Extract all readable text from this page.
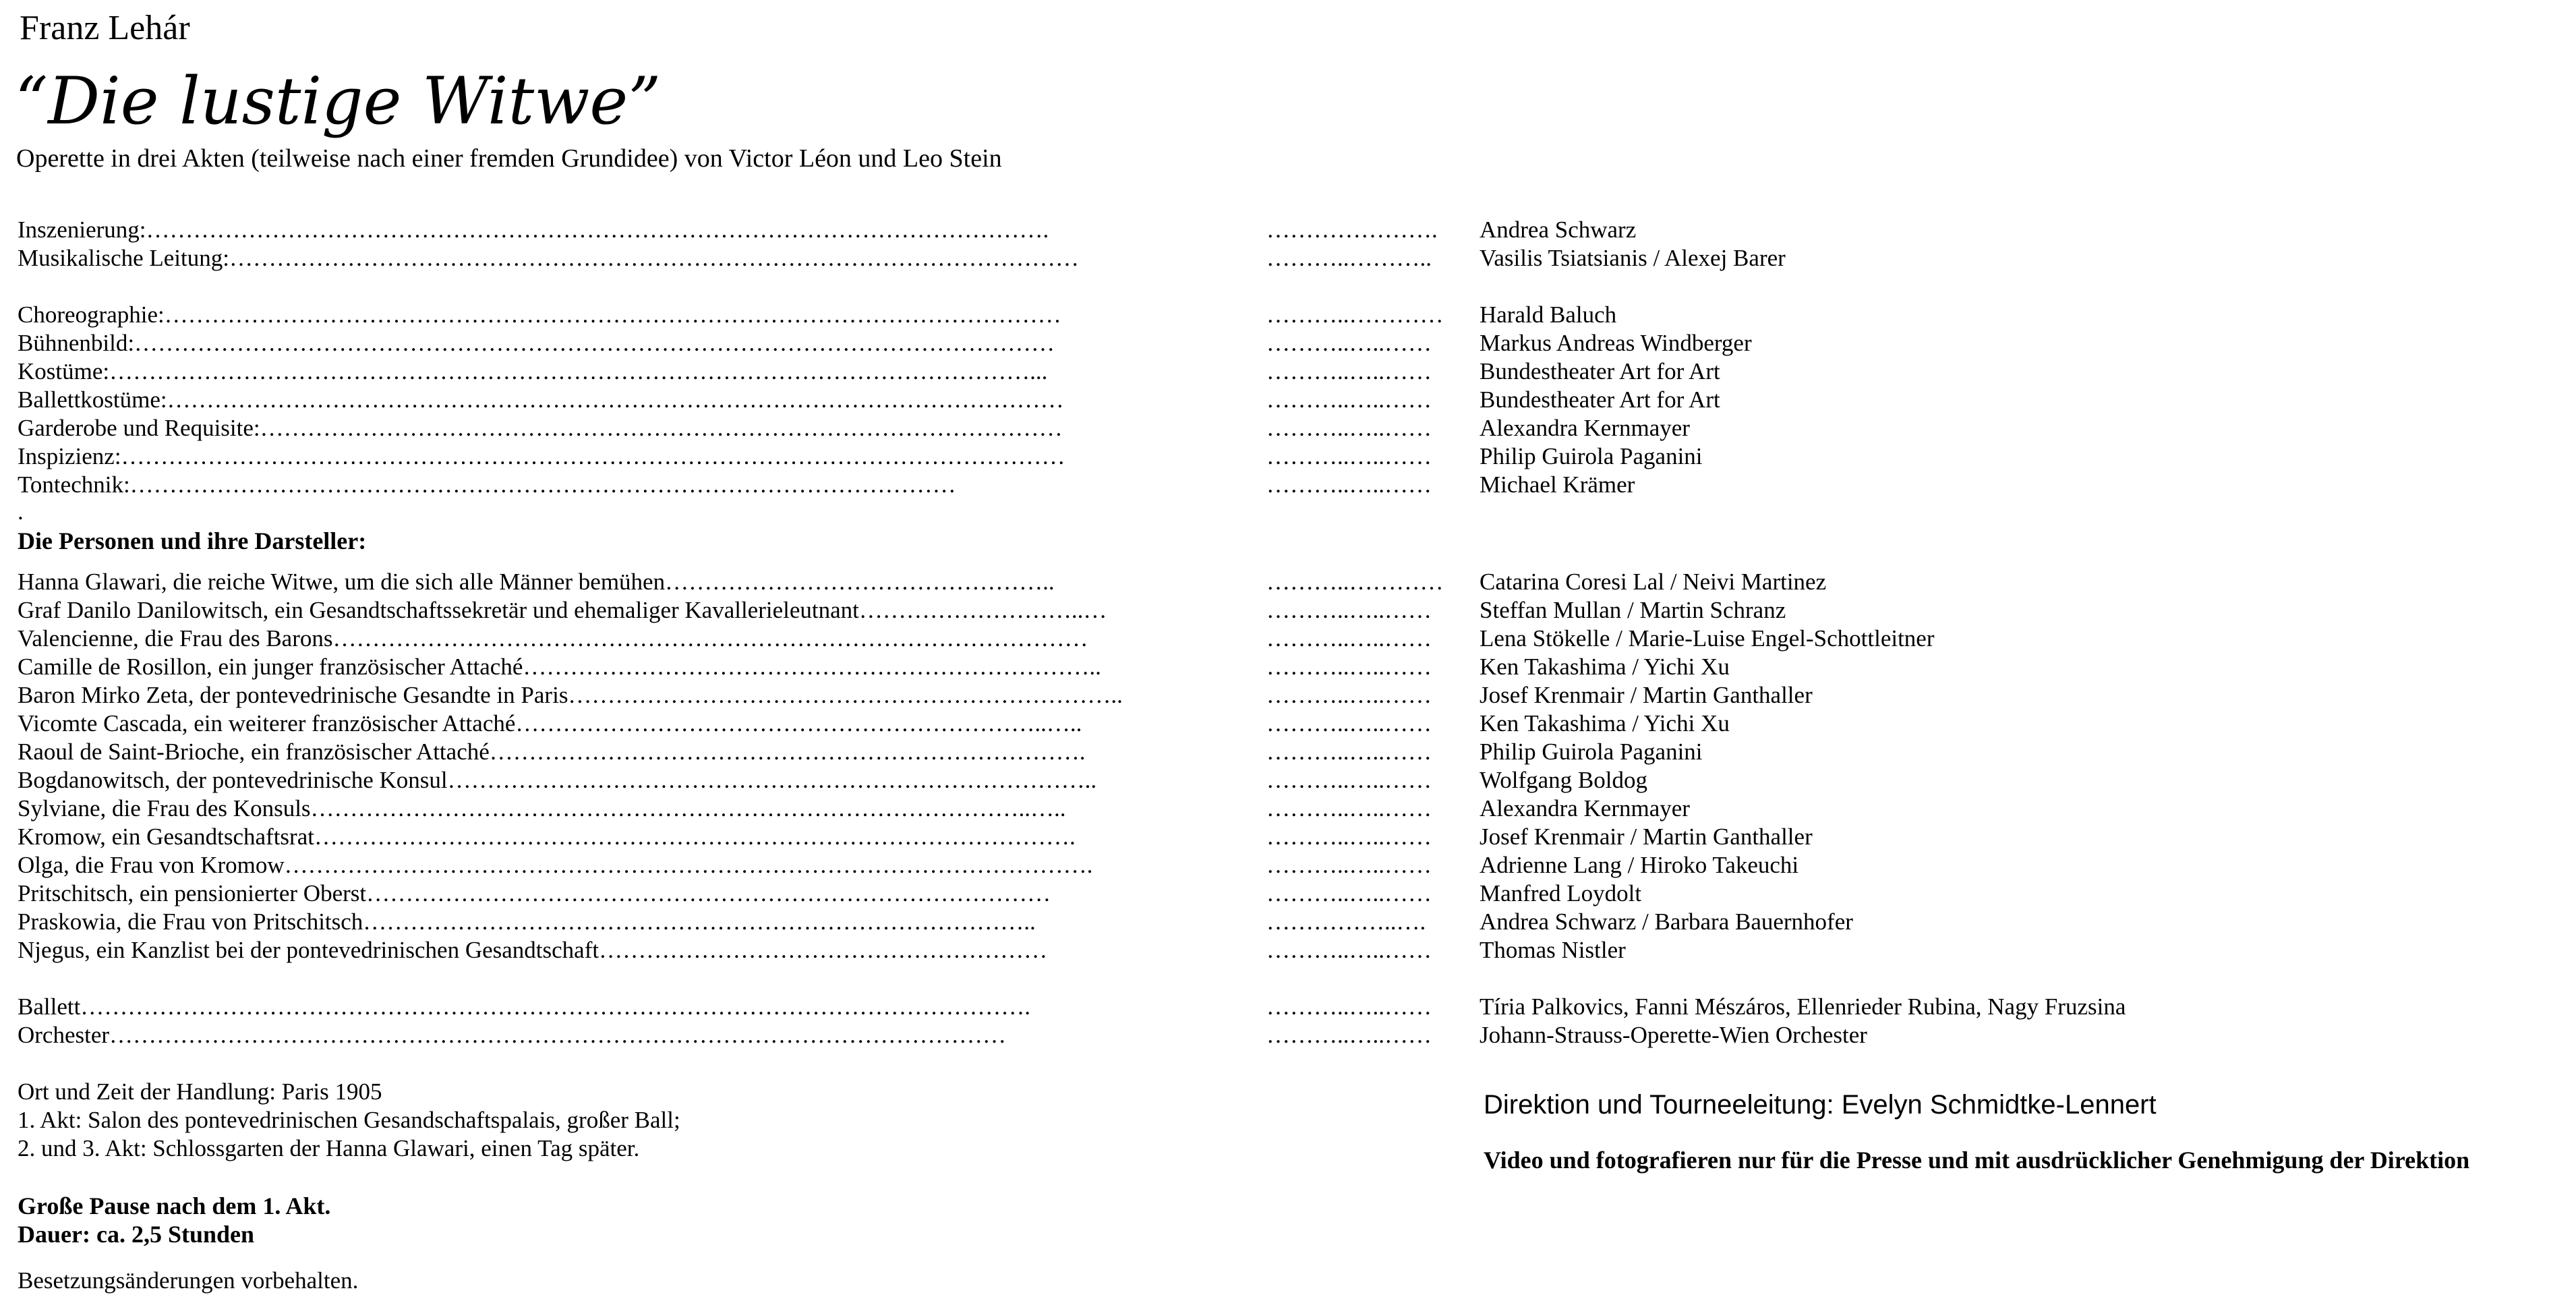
Franz Lehár
“Die lustige Witwe”
Operette in drei Akten (teilweise nach einer fremden Grundidee) von Victor Léon und Leo Stein
Inszenierung:…………………………………………………………………………………………………….	…………………. Andrea Schwarz
Musikalische Leitung:………………………………………………………………………………………………	………..……….. Vasilis Tsiatsianis / Alexej Barer
Choreographie:……………………………………………………………………………………………………	………..………… Harald Baluch
Bühnenbild:………………………………………………………………………………………………………	………..…..…… Markus Andreas Windberger
Kostüme:………………………………………………………………………………………………………...	………..…..…… Bundestheater Art for Art
Ballettkostüme:……………………………………………………………………………………………………	………..…..…… Bundestheater Art for Art
Garderobe und Requisite:…………………………………………………………………………………………	………..…..…… Alexandra Kernmayer
Inspizienz:…………………………………………………………………………………………………………	………..…..…… Philip Guirola Paganini
Tontechnik:……………………………………………………………………………………………	………..…..…… Michael Krämer
.
Die Personen und ihre Darsteller:
Hanna Glawari, die reiche Witwe, um die sich alle Männer bemühen…………………………………………..	………..………… Catarina Coresi Lal / Neivi Martinez
Graf Danilo Danilowitsch, ein Gesandtschaftssekretär und ehemaliger Kavallerieleutnant………………………..…	………..…..…… Steffan Mullan / Martin Schranz
Valencienne, die Frau des Barons……………………………………………………………………………………	………..…..…… Lena Stökelle / Marie-Luise Engel-Schottleitner
Camille de Rosillon, ein junger französischer Attaché………………………………………………………………..	………..…..…… Ken Takashima / Yichi Xu
Baron Mirko Zeta, der pontevedrinische Gesandte in Paris……………………………………………………………..	………..…..…… Josef Krenmair / Martin Ganthaller
Vicomte Cascada, ein weiterer französischer Attaché…………………………………………………………..…..	………..…..…… Ken Takashima / Yichi Xu
Raoul de Saint-Brioche, ein französischer Attaché………………………………………………………………….	………..…..…… Philip Guirola Paganini
Bogdanowitsch, der pontevedrinische Konsul………………………………………………………………………..	………..…..…… Wolfgang Boldog
Sylviane, die Frau des Konsuls………………………………………………………………………………..…..	………..…..…… Alexandra Kernmayer
Kromow, ein Gesandtschaftsrat…………………………………………………………………………………….	………..…..…… Josef Krenmair / Martin Ganthaller
Olga, die Frau von Kromow………………………………………………………………………………………….	………..…..…… Adrienne Lang / Hiroko Takeuchi
Pritschitsch, ein pensionierter Oberst……………………………………………………………………………	………..…..…… Manfred Loydolt
Praskowia, die Frau von Pritschitsch…………………………………………………………………………..	……………..…. Andrea Schwarz / Barbara Bauernhofer
Njegus, ein Kanzlist bei der pontevedrinischen Gesandtschaft…………………………………………………	………..…..…… Thomas Nistler
Ballett………………………………………………………………………………………………………….	………..…..…… Tíria Palkovics, Fanni Mészáros, Ellenrieder Rubina, Nagy Fruzsina
Orchester……………………………………………………………………………………………………	………..…..…… Johann-Strauss-Operette-Wien Orchester
Ort und Zeit der Handlung: Paris 1905
1. Akt: Salon des pontevedrinischen Gesandschaftspalais, großer Ball;
2. und 3. Akt: Schlossgarten der Hanna Glawari, einen Tag später.
Große Pause nach dem 1. Akt.
Dauer: ca. 2,5 Stunden
Besetzungsänderungen vorbehalten.
Direktion und Tourneeleitung: Evelyn Schmidtke-Lennert
Video und fotografieren nur für die Presse und mit ausdrücklicher Genehmigung der Direktion
